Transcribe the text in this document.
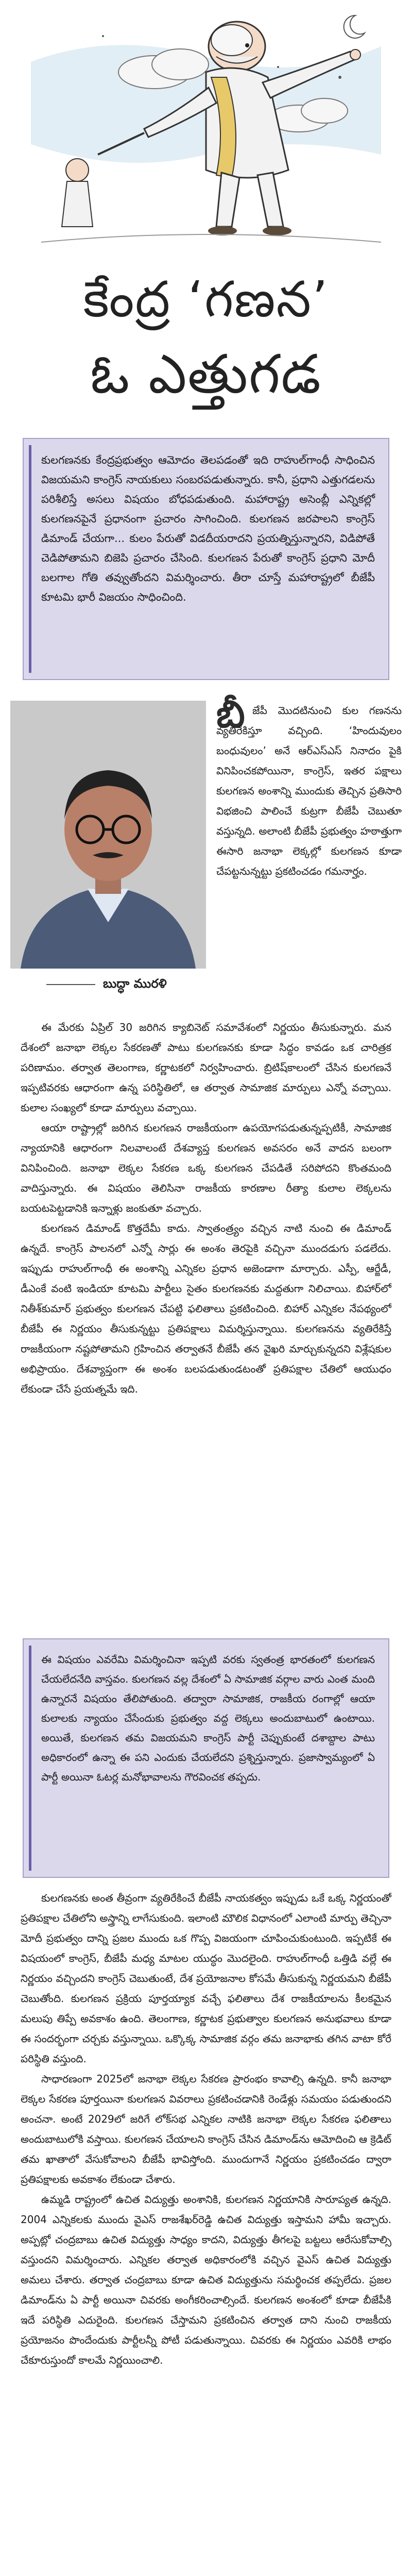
కేంద్ర ‘గణన’
ఓ ఎత్తుగడ

కులగణనకు కేంద్రప్రభుత్వం ఆమోదం తెలపడంతో ఇది రాహుల్‌గాంధీ సాధించిన విజయమని కాంగ్రెస్ నాయకులు సంబరపడుతున్నారు. కానీ, ప్రధాని ఎత్తుగడలను పరిశీలిస్తే అసలు విషయం బోధపడుతుంది. మహారాష్ట్ర అసెంబ్లీ ఎన్నికల్లో కులగణనపైనే ప్రధానంగా ప్రచారం సాగించింది. కులగణన జరపాలని కాంగ్రెస్ డిమాండ్ చేయగా... కులం పేరుతో విడదీయరాదని ప్రయత్నిస్తున్నారని, విడిపోతే చెడిపోతామని బిజెపి ప్రచారం చేసింది. కులగణన పేరుతో కాంగ్రెస్ ప్రధాని మోదీ బలగాల గోతి తవ్వుతోందని విమర్శించారు. తీరా చూస్తే మహారాష్ట్రలో బీజేపీ కూటమి భారీ విజయం సాధించింది.

బుద్ధా మురళి
బీ జేపీ మొదటినుంచి కుల గణనను వ్యతిరేకిస్తూ వచ్చింది. ‘హిందువులం బంధువులం’ అనే ఆర్ఎస్ఎస్ నినాదం పైకి వినిపించకపోయినా, కాంగ్రెస్, ఇతర పక్షాలు కులగణన అంశాన్ని ముందుకు తెచ్చిన ప్రతిసారి విభజించి పాలించే కుట్రగా బీజేపీ చెబుతూ వస్తున్నది. అలాంటి బీజేపీ ప్రభుత్వం హఠాత్తుగా ఈసారి జనాభా లెక్కల్లో కులగణన కూడా చేపట్టనున్నట్టు ప్రకటించడం గమనార్హం.

ఈ మేరకు ఏప్రిల్ 30 జరిగిన క్యాబినెట్ సమావేశంలో నిర్ణయం తీసుకున్నారు. మన దేశంలో జనాభా లెక్కల సేకరణతో పాటు కులగణనకు కూడా సిద్ధం కావడం ఒక చారిత్రక పరిణామం. తర్వాత తెలంగాణ, కర్ణాటకలో నిర్వహించారు. బ్రిటిష్‌కాలంలో చేసిన కులగణనే ఇప్పటివరకు ఆధారంగా ఉన్న పరిస్థితిలో, ఆ తర్వాత సామాజిక మార్పులు ఎన్నో వచ్చాయి. కులాల సంఖ్యలో కూడా మార్పులు వచ్చాయి.

ఆయా రాష్ట్రాల్లో జరిగిన కులగణన రాజకీయంగా ఉపయోగపడుతున్నప్పటికీ, సామాజిక న్యాయానికి ఆధారంగా నిలవాలంటే దేశవ్యాప్త కులగణన అవసరం అనే వాదన బలంగా వినిపించింది. జనాభా లెక్కల సేకరణ ఒక్క కులగణన చేపడితే సరిపోదని కొంతమంది వాదిస్తున్నారు. ఈ విషయం తెలిసినా రాజకీయ కారణాల రీత్యా కులాల లెక్కలను బయటపెట్టడానికి ఇన్నాళ్లు జంకుతూ వచ్చారు.

కులగణన డిమాండ్ కొత్తదేమీ కాదు. స్వాతంత్ర్యం వచ్చిన నాటి నుంచి ఈ డిమాండ్ ఉన్నదే. కాంగ్రెస్ పాలనలో ఎన్నో సార్లు ఈ అంశం తెరపైకి వచ్చినా ముందడుగు పడలేదు. ఇప్పుడు రాహుల్‌గాంధీ ఈ అంశాన్ని ఎన్నికల ప్రధాన అజెండాగా మార్చారు. ఎస్పీ, ఆర్జేడీ, డీఎంకే వంటి ఇండియా కూటమి పార్టీలు సైతం కులగణనకు మద్దతుగా నిలిచాయి. బిహార్‌లో నితీశ్‌కుమార్ ప్రభుత్వం కులగణన చేపట్టి ఫలితాలు ప్రకటించింది. బిహార్ ఎన్నికల నేపథ్యంలో బీజేపీ ఈ నిర్ణయం తీసుకున్నట్టు ప్రతిపక్షాలు విమర్శిస్తున్నాయి. కులగణనను వ్యతిరేకిస్తే రాజకీయంగా నష్టపోతామని గ్రహించిన తర్వాతనే బీజేపీ తన వైఖరి మార్చుకున్నదని విశ్లేషకుల అభిప్రాయం. దేశవ్యాప్తంగా ఈ అంశం బలపడుతుండటంతో ప్రతిపక్షాల చేతిలో ఆయుధం లేకుండా చేసే ప్రయత్నమే ఇది.

ఈ విషయం ఎవరేమి విమర్శించినా ఇప్పటి వరకు స్వతంత్ర భారతంలో కులగణన చేయలేదనేది వాస్తవం. కులగణన వల్ల దేశంలో ఏ సామాజిక వర్గాల వారు ఎంత మంది ఉన్నారనే విషయం తేలిపోతుంది. తద్వారా సామాజిక, రాజకీయ రంగాల్లో ఆయా కులాలకు న్యాయం చేసేందుకు ప్రభుత్వం వద్ద లెక్కలు అందుబాటులో ఉంటాయి. అయితే, కులగణన తమ విజయమని కాంగ్రెస్ పార్టీ చెప్పుకుంటే దశాబ్దాల పాటు అధికారంలో ఉన్నా ఈ పని ఎందుకు చేయలేదని ప్రశ్నిస్తున్నారు. ప్రజాస్వామ్యంలో ఏ పార్టీ అయినా ఓటర్ల మనోభావాలను గౌరవించక తప్పదు.

కులగణనకు అంత తీవ్రంగా వ్యతిరేకించే బీజేపీ నాయకత్వం ఇప్పుడు ఒకే ఒక్క నిర్ణయంతో ప్రతిపక్షాల చేతిలోని అస్త్రాన్ని లాగేసుకుంది. ఇలాంటి మౌలిక విధానంలో ఎలాంటి మార్పు తెచ్చినా మోదీ ప్రభుత్వం దాన్ని ప్రజల ముందు ఒక గొప్ప విజయంగా చూపించుకుంటుంది. ఇప్పటికే ఈ విషయంలో కాంగ్రెస్, బీజేపీ మధ్య మాటల యుద్ధం మొదలైంది. రాహుల్‌గాంధీ ఒత్తిడి వల్లే ఈ నిర్ణయం వచ్చిందని కాంగ్రెస్ చెబుతుంటే, దేశ ప్రయోజనాల కోసమే తీసుకున్న నిర్ణయమని బీజేపీ చెబుతోంది. కులగణన ప్రక్రియ పూర్తయ్యాక వచ్చే ఫలితాలు దేశ రాజకీయాలను కీలకమైన మలుపు తిప్పే అవకాశం ఉంది. తెలంగాణ, కర్ణాటక ప్రభుత్వాల కులగణన అనుభవాలు కూడా ఈ సందర్భంగా చర్చకు వస్తున్నాయి. ఒక్కొక్క సామాజిక వర్గం తమ జనాభాకు తగిన వాటా కోరే పరిస్థితి వస్తుంది.

సాధారణంగా 2025లో జనాభా లెక్కల సేకరణ ప్రారంభం కావాల్సి ఉన్నది. కానీ జనాభా లెక్కల సేకరణ పూర్తయినా కులగణన వివరాలు ప్రకటించడానికి రెండేళ్లు సమయం పడుతుందని అంచనా. అంటే 2029లో జరిగే లోక్‌సభ ఎన్నికల నాటికి జనాభా లెక్కల సేకరణ ఫలితాలు అందుబాటులోకి వస్తాయి. కులగణన చేయాలని కాంగ్రెస్ చేసిన డిమాండ్‌ను ఆమోదించి ఆ క్రెడిట్ తమ ఖాతాలో వేసుకోవాలని బీజేపీ భావిస్తోంది. ముందుగానే నిర్ణయం ప్రకటించడం ద్వారా ప్రతిపక్షాలకు అవకాశం లేకుండా చేశారు.

ఉమ్మడి రాష్ట్రంలో ఉచిత విద్యుత్తు అంశానికి, కులగణన నిర్ణయానికి సారూప్యత ఉన్నది. 2004 ఎన్నికలకు ముందు వైఎస్ రాజశేఖర్‌రెడ్డి ఉచిత విద్యుత్తు ఇస్తామని హామీ ఇచ్చారు. అప్పట్లో చంద్రబాబు ఉచిత విద్యుత్తు సాధ్యం కాదని, విద్యుత్తు తీగలపై బట్టలు ఆరేసుకోవాల్సి వస్తుందని విమర్శించారు. ఎన్నికల తర్వాత అధికారంలోకి వచ్చిన వైఎస్ ఉచిత విద్యుత్తు అమలు చేశారు. తర్వాత చంద్రబాబు కూడా ఉచిత విద్యుత్తును సమర్థించక తప్పలేదు. ప్రజల డిమాండ్‌ను ఏ పార్టీ అయినా చివరకు అంగీకరించాల్సిందే. కులగణన అంశంలో కూడా బీజేపీకి ఇదే పరిస్థితి ఎదురైంది. కులగణన చేస్తామని ప్రకటించిన తర్వాత దాని నుంచి రాజకీయ ప్రయోజనం పొందేందుకు పార్టీలన్నీ పోటీ పడుతున్నాయి. చివరకు ఈ నిర్ణయం ఎవరికి లాభం చేకూరుస్తుందో కాలమే నిర్ణయించాలి.
